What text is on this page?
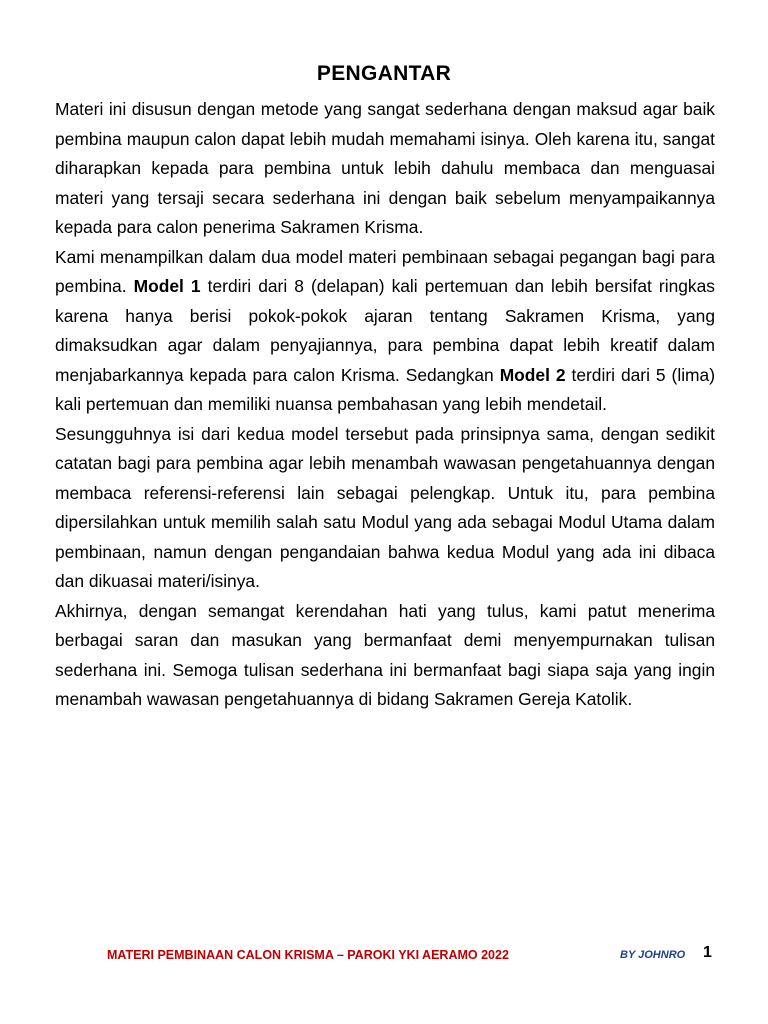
PENGANTAR

Materi ini disusun dengan metode yang sangat sederhana dengan maksud agar baik pembina maupun calon dapat lebih mudah memahami isinya. Oleh karena itu, sangat diharapkan kepada para pembina untuk lebih dahulu membaca dan menguasai materi yang tersaji secara sederhana ini dengan baik sebelum menyampaikannya kepada para calon penerima Sakramen Krisma.

Kami menampilkan dalam dua model materi pembinaan sebagai pegangan bagi para pembina. Model 1 terdiri dari 8 (delapan) kali pertemuan dan lebih bersifat ringkas karena hanya berisi pokok-pokok ajaran tentang Sakramen Krisma, yang dimaksudkan agar dalam penyajiannya, para pembina dapat lebih kreatif dalam menjabarkannya kepada para calon Krisma. Sedangkan Model 2 terdiri dari 5 (lima) kali pertemuan dan memiliki nuansa pembahasan yang lebih mendetail.

Sesungguhnya isi dari kedua model tersebut pada prinsipnya sama, dengan sedikit catatan bagi para pembina agar lebih menambah wawasan pengetahuannya dengan membaca referensi-referensi lain sebagai pelengkap. Untuk itu, para pembina dipersilahkan untuk memilih salah satu Modul yang ada sebagai Modul Utama dalam pembinaan, namun dengan pengandaian bahwa kedua Modul yang ada ini dibaca dan dikuasai materi/isinya.

Akhirnya, dengan semangat kerendahan hati yang tulus, kami patut menerima berbagai saran dan masukan yang bermanfaat demi menyempurnakan tulisan sederhana ini. Semoga tulisan sederhana ini bermanfaat bagi siapa saja yang ingin menambah wawasan pengetahuannya di bidang Sakramen Gereja Katolik.

MATERI PEMBINAAN CALON KRISMA – PAROKI YKI AERAMO 2022	BY JOHNRO 1
